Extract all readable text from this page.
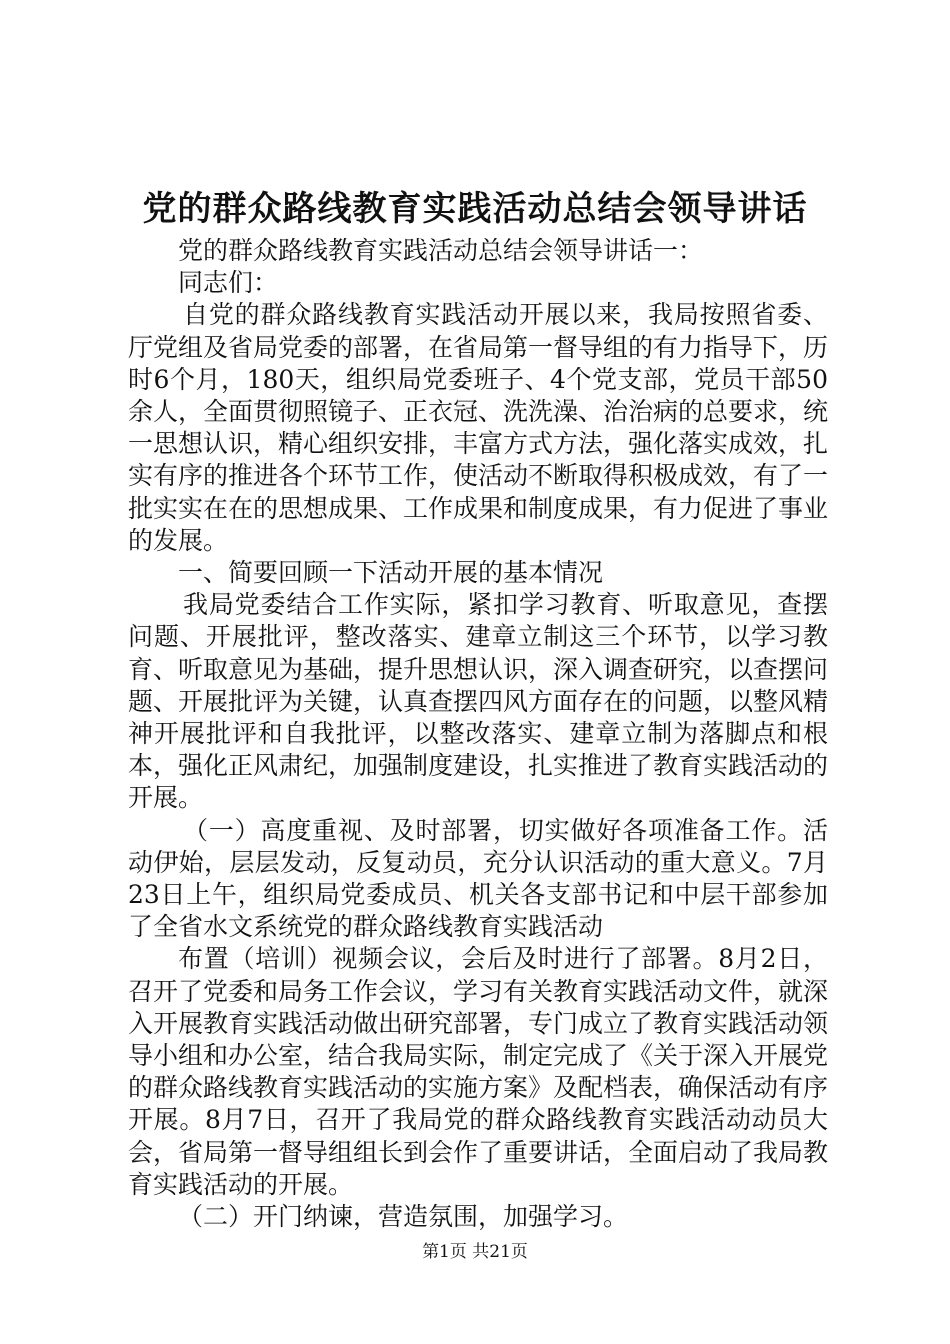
党的群众路线教育实践活动总结会领导讲话

党的群众路线教育实践活动总结会领导讲话一：

同志们：

自党的群众路线教育实践活动开展以来，我局按照省委、厅党组及省局党委的部署，在省局第一督导组的有力指导下，历时6个月，180天，组织局党委班子、4个党支部，党员干部50余人，全面贯彻照镜子、正衣冠、洗洗澡、治治病的总要求，统一思想认识，精心组织安排，丰富方式方法，强化落实成效，扎实有序的推进各个环节工作，使活动不断取得积极成效，有了一批实实在在的思想成果、工作成果和制度成果，有力促进了事业的发展。

一、简要回顾一下活动开展的基本情况

我局党委结合工作实际，紧扣学习教育、听取意见，查摆问题、开展批评，整改落实、建章立制这三个环节，以学习教育、听取意见为基础，提升思想认识，深入调查研究，以查摆问题、开展批评为关键，认真查摆四风方面存在的问题，以整风精神开展批评和自我批评，以整改落实、建章立制为落脚点和根本，强化正风肃纪，加强制度建设，扎实推进了教育实践活动的开展。

（一）高度重视、及时部署，切实做好各项准备工作。活动伊始，层层发动，反复动员，充分认识活动的重大意义。7月23日上午，组织局党委成员、机关各支部书记和中层干部参加了全省水文系统党的群众路线教育实践活动

布置（培训）视频会议，会后及时进行了部署。8月2日，召开了党委和局务工作会议，学习有关教育实践活动文件，就深入开展教育实践活动做出研究部署，专门成立了教育实践活动领导小组和办公室，结合我局实际，制定完成了《关于深入开展党的群众路线教育实践活动的实施方案》及配档表，确保活动有序开展。8月7日，召开了我局党的群众路线教育实践活动动员大会，省局第一督导组组长到会作了重要讲话，全面启动了我局教育实践活动的开展。

（二）开门纳谏，营造氛围，加强学习。

第1页 共21页
